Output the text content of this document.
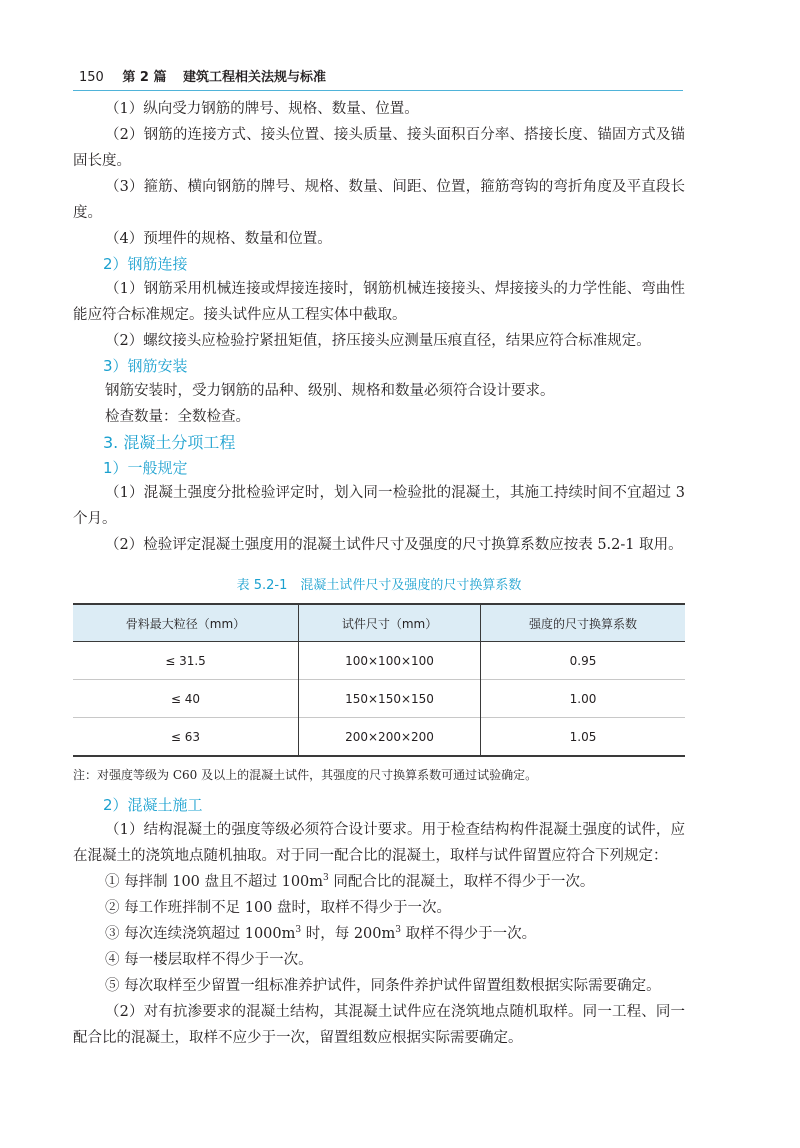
150 第 2 篇 建筑工程相关法规与标准

（1）纵向受力钢筋的牌号、规格、数量、位置。

（2）钢筋的连接方式、接头位置、接头质量、接头面积百分率、搭接长度、锚固方式及锚固长度。

（3）箍筋、横向钢筋的牌号、规格、数量、间距、位置，箍筋弯钩的弯折角度及平直段长度。

（4）预埋件的规格、数量和位置。

2）钢筋连接

（1）钢筋采用机械连接或焊接连接时，钢筋机械连接接头、焊接接头的力学性能、弯曲性能应符合标准规定。接头试件应从工程实体中截取。

（2）螺纹接头应检验拧紧扭矩值，挤压接头应测量压痕直径，结果应符合标准规定。

3）钢筋安装

钢筋安装时，受力钢筋的品种、级别、规格和数量必须符合设计要求。

检查数量：全数检查。

3. 混凝土分项工程
1）一般规定

（1）混凝土强度分批检验评定时，划入同一检验批的混凝土，其施工持续时间不宜超过 3 个月。

（2）检验评定混凝土强度用的混凝土试件尺寸及强度的尺寸换算系数应按表 5.2-1 取用。

表 5.2-1　混凝土试件尺寸及强度的尺寸换算系数
骨料最大粒径（mm）	试件尺寸（mm）	强度的尺寸换算系数
≤ 31.5	100×100×100	0.95
≤ 40	150×150×150	1.00
≤ 63	200×200×200	1.05

注：对强度等级为 C60 及以上的混凝土试件，其强度的尺寸换算系数可通过试验确定。

2）混凝土施工

（1）结构混凝土的强度等级必须符合设计要求。用于检查结构构件混凝土强度的试件，应在混凝土的浇筑地点随机抽取。对于同一配合比的混凝土，取样与试件留置应符合下列规定：

① 每拌制 100 盘且不超过 $100m^3$ 同配合比的混凝土，取样不得少于一次。

② 每工作班拌制不足 100 盘时，取样不得少于一次。

③ 每次连续浇筑超过 $1000m^3$ 时，每 $200m^3$ 取样不得少于一次。

④ 每一楼层取样不得少于一次。

⑤ 每次取样至少留置一组标准养护试件，同条件养护试件留置组数根据实际需要确定。

（2）对有抗渗要求的混凝土结构，其混凝土试件应在浇筑地点随机取样。同一工程、同一配合比的混凝土，取样不应少于一次，留置组数应根据实际需要确定。
